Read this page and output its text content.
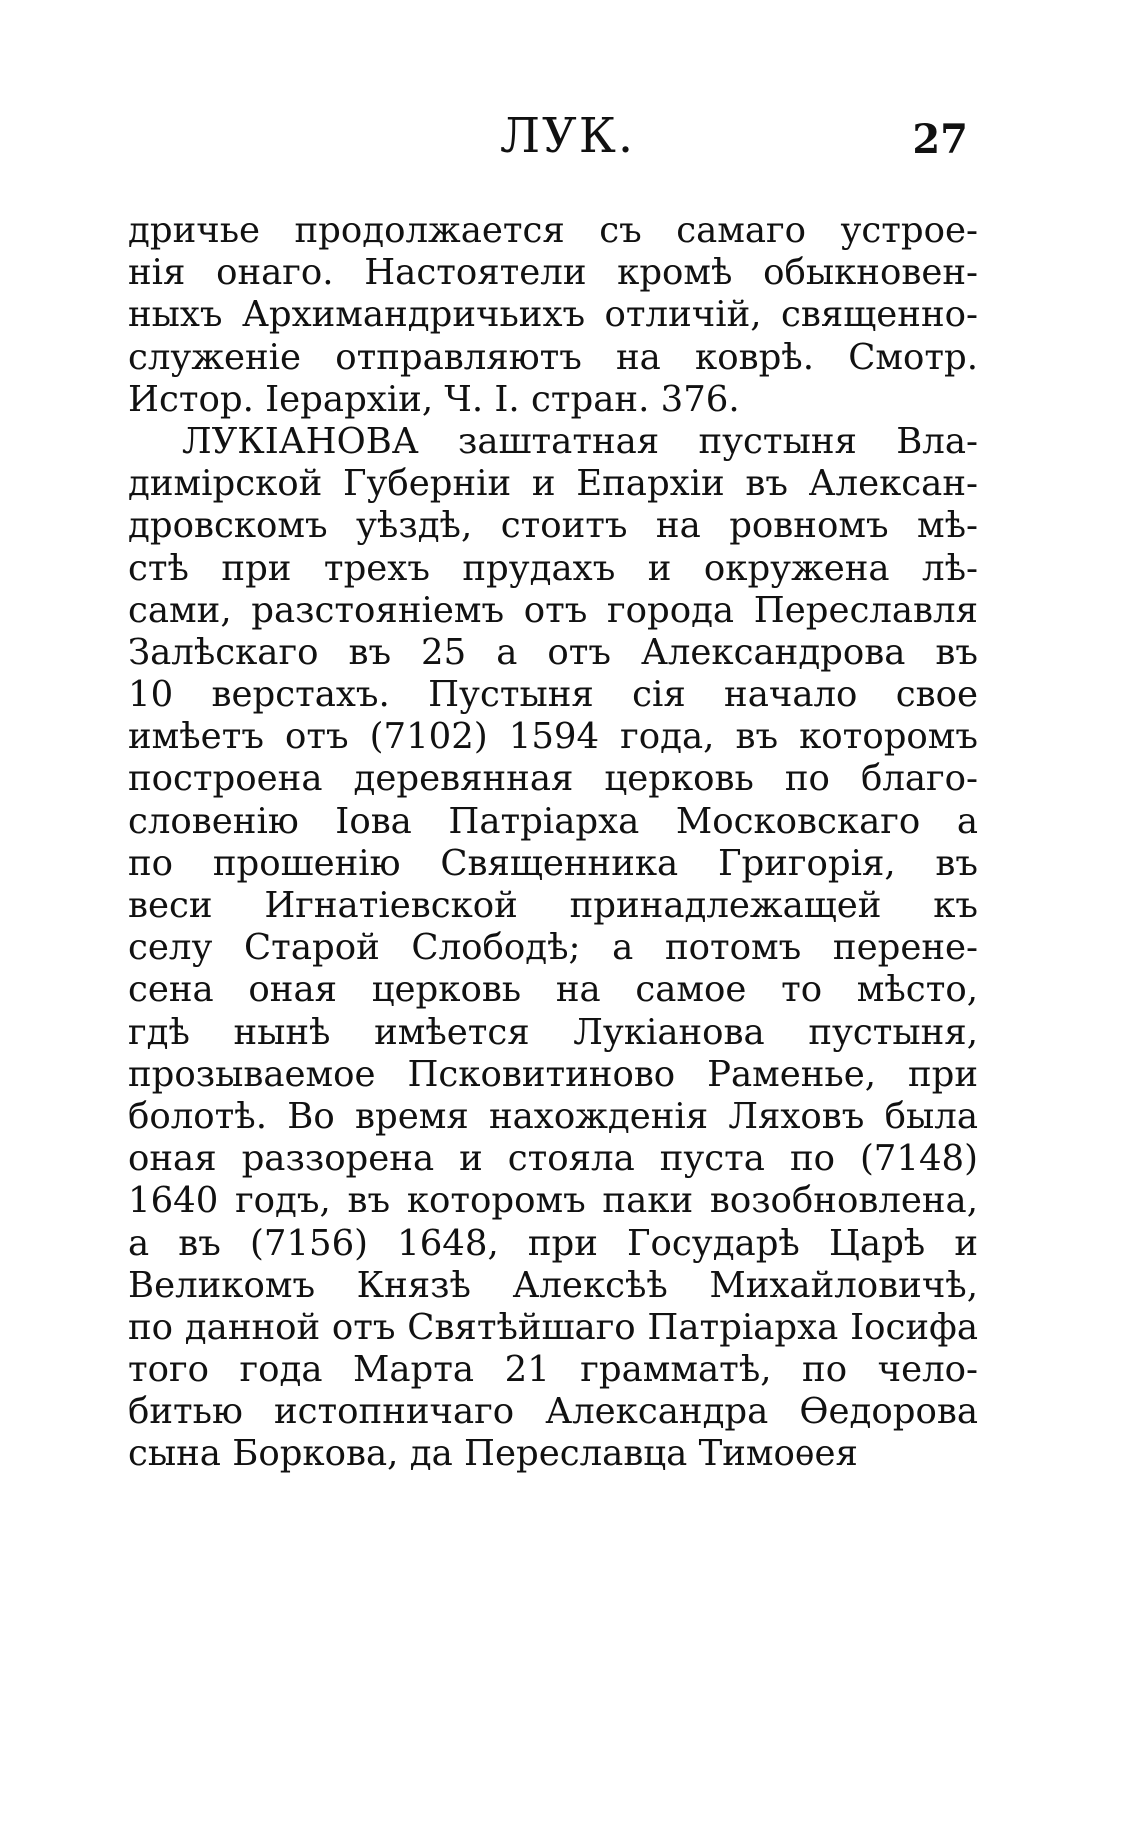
ЛУК.	27
дричье продолжается съ самаго устрое-
нія онаго. Настоятели кромѣ обыкновен-
ныхъ Архимандричьихъ отличій, священно-
служеніе отправляютъ на коврѣ. Смотр.
Истор. Іерархіи, Ч. I. стран. 376.
ЛУКІАНОВА заштатная пустыня Вла-
димірской Губерніи и Епархіи въ Алексан-
дровскомъ уѣздѣ, стоитъ на ровномъ мѣ-
стѣ при трехъ прудахъ и окружена лѣ-
сами, разстояніемъ отъ города Переславля
Залѣскаго въ 25 а отъ Александрова въ
10 верстахъ. Пустыня сія начало свое
имѣетъ отъ (7102) 1594 года, въ которомъ
построена деревянная церковь по благо-
словенію Іова Патріарха Московскаго а
по прошенію Священника Григорія, въ
веси Игнатіевской принадлежащей къ
селу Старой Слободѣ; а потомъ перене-
сена оная церковь на самое то мѣсто,
гдѣ нынѣ имѣется Лукіанова пустыня,
прозываемое Псковитиново Раменье, при
болотѣ. Во время нахожденія Ляховъ была
оная раззорена и стояла пуста по (7148)
1640 годъ, въ которомъ паки возобновлена,
а въ (7156) 1648, при Государѣ Царѣ и
Великомъ Князѣ Алексѣѣ Михайловичѣ,
по данной отъ Святѣйшаго Патріарха Іосифа
того года Марта 21 грамматѣ, по чело-
битью истопничаго Александра Ѳедорова
сына Боркова, да Переславца Тимоѳея
